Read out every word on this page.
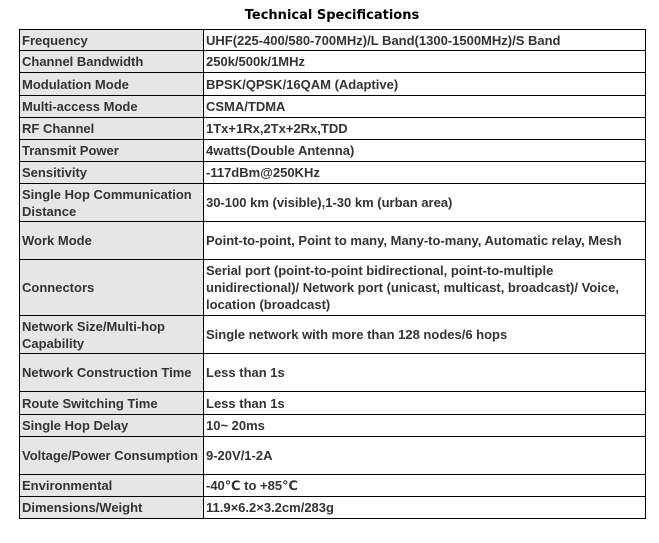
Technical Specifications
Frequency	UHF(225-400/580-700MHz)/L Band(1300-1500MHz)/S Band
Channel Bandwidth	250k/500k/1MHz
Modulation Mode	BPSK/QPSK/16QAM (Adaptive)
Multi-access Mode	CSMA/TDMA
RF Channel	1Tx+1Rx,2Tx+2Rx,TDD
Transmit Power	4watts(Double Antenna)
Sensitivity	-117dBm@250KHz
Single Hop Communication Distance	30-100 km (visible),1-30 km (urban area)
Work Mode	Point-to-point, Point to many, Many-to-many, Automatic relay, Mesh
Connectors	Serial port (point-to-point bidirectional, point-to-multiple unidirectional)/ Network port (unicast, multicast, broadcast)/ Voice, location (broadcast)
Network Size/Multi-hop Capability	Single network with more than 128 nodes/6 hops
Network Construction Time	Less than 1s
Route Switching Time	Less than 1s
Single Hop Delay	10~ 20ms
Voltage/Power Consumption	9-20V/1-2A
Environmental	-40℃ to +85℃
Dimensions/Weight	11.9×6.2×3.2cm/283g
